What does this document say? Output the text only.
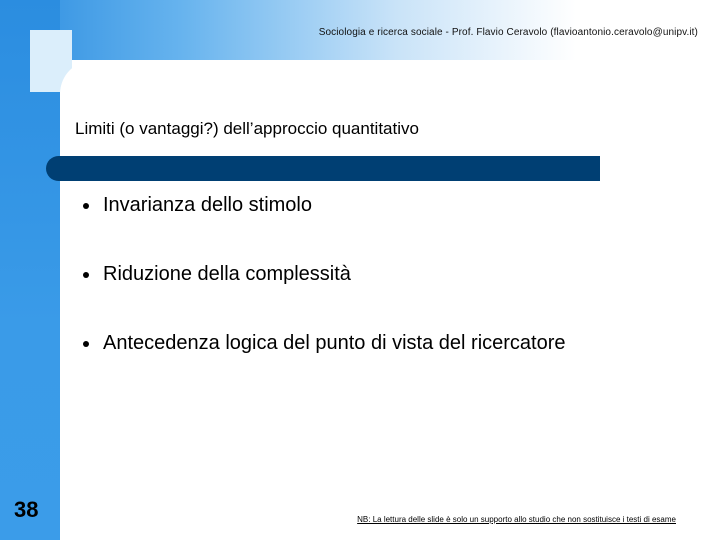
Sociologia e ricerca sociale - Prof. Flavio Ceravolo (flavioantonio.ceravolo@unipv.it)
Limiti (o vantaggi?) dell’approccio quantitativo
Invarianza dello stimolo
Riduzione della complessità
Antecedenza logica del punto di vista del ricercatore
38	NB: La lettura delle slide è solo un supporto allo studio che non sostituisce i testi di esame
